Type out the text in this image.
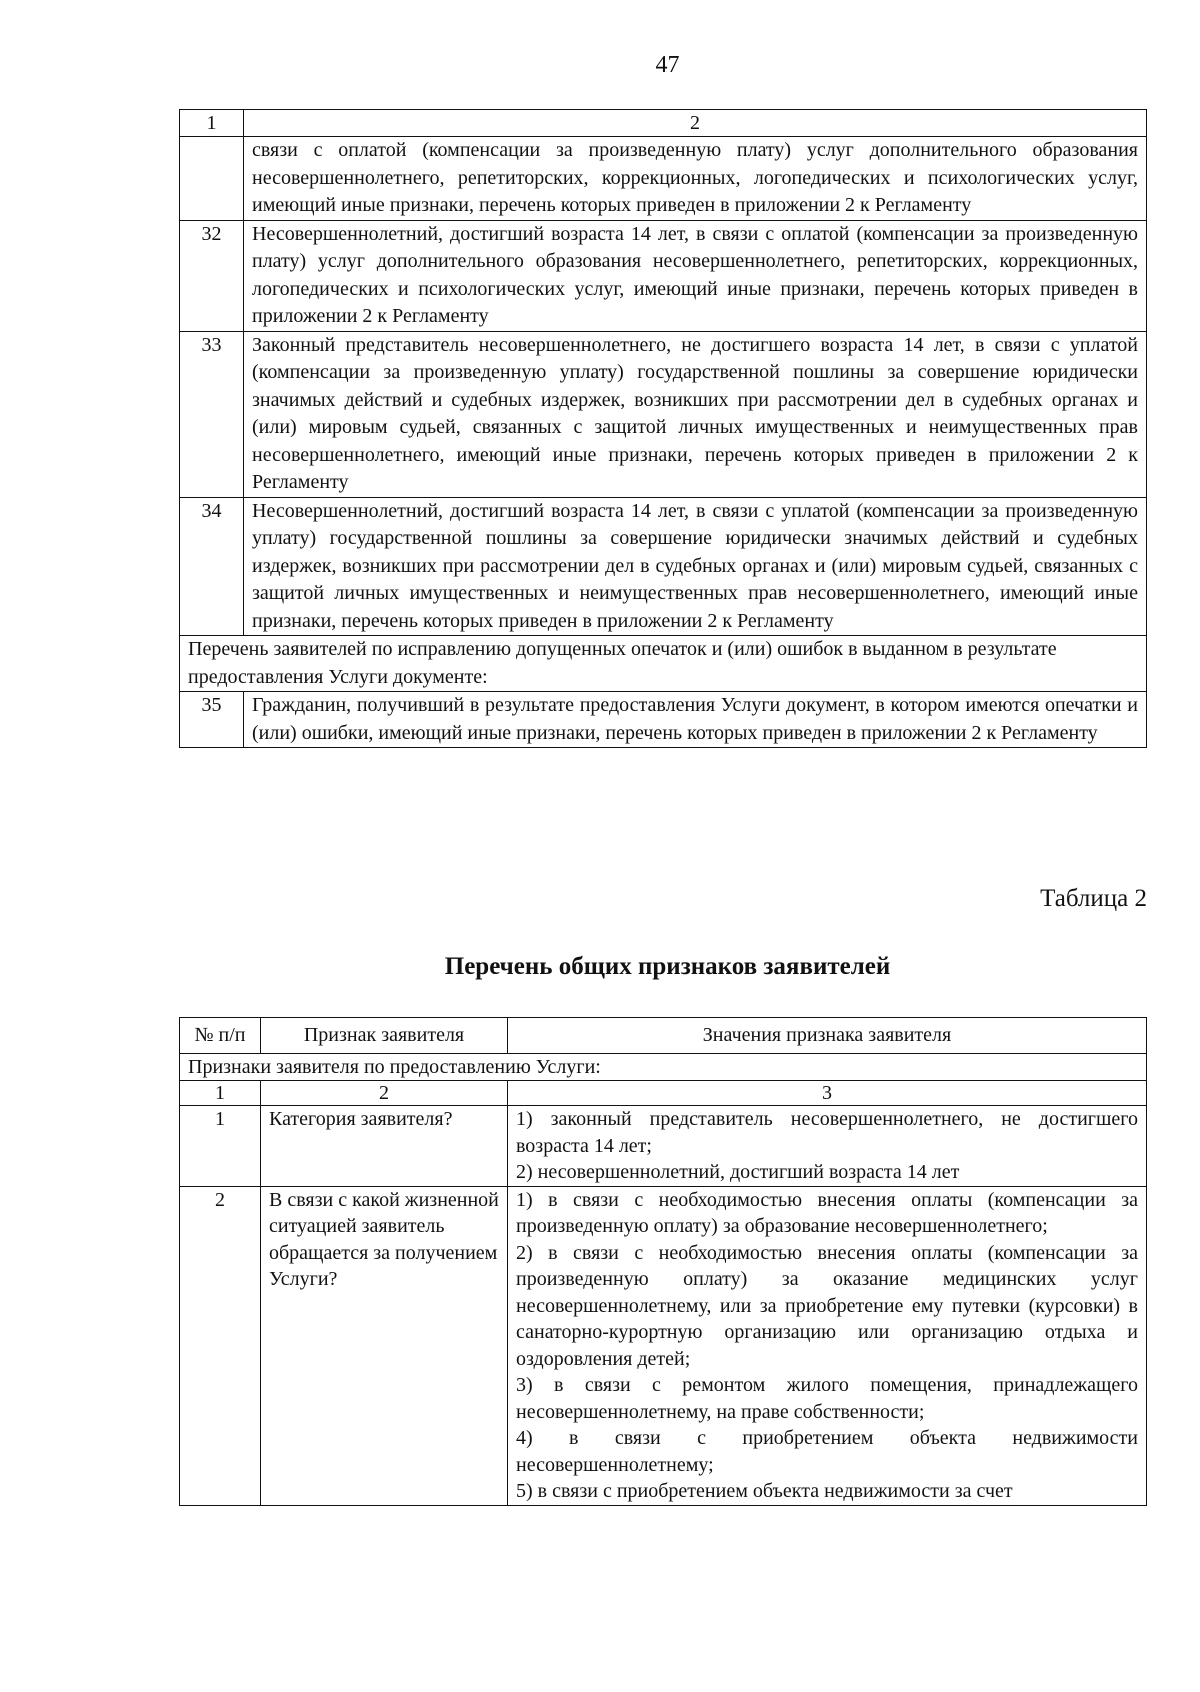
47
1	2
	связи с оплатой (компенсации за произведенную плату) услуг дополнительного образования несовершеннолетнего, репетиторских, коррекционных, логопедических и психологических услуг, имеющий иные признаки, перечень которых приведен в приложении 2 к Регламенту
32	Несовершеннолетний, достигший возраста 14 лет, в связи с оплатой (компенсации за произведенную плату) услуг дополнительного образования несовершеннолетнего, репетиторских, коррекционных, логопедических и психологических услуг, имеющий иные признаки, перечень которых приведен в приложении 2 к Регламенту
33	Законный представитель несовершеннолетнего, не достигшего возраста 14 лет, в связи с уплатой (компенсации за произведенную уплату) государственной пошлины за совершение юридически значимых действий и судебных издержек, возникших при рассмотрении дел в судебных органах и (или) мировым судьей, связанных с защитой личных имущественных и неимущественных прав несовершеннолетнего, имеющий иные признаки, перечень которых приведен в приложении 2 к Регламенту
34	Несовершеннолетний, достигший возраста 14 лет, в связи с уплатой (компенсации за произведенную уплату) государственной пошлины за совершение юридически значимых действий и судебных издержек, возникших при рассмотрении дел в судебных органах и (или) мировым судьей, связанных с защитой личных имущественных и неимущественных прав несовершеннолетнего, имеющий иные признаки, перечень которых приведен в приложении 2 к Регламенту
Перечень заявителей по исправлению допущенных опечаток и (или) ошибок в выданном в результате предоставления Услуги документе:	
35	Гражданин, получивший в результате предоставления Услуги документ, в котором имеются опечатки и (или) ошибки, имеющий иные признаки, перечень которых приведен в приложении 2 к Регламенту
Таблица 2
Перечень общих признаков заявителей
№ п/п	Признак заявителя	Значения признака заявителя
Признаки заявителя по предоставлению Услуги:		
1	2	3
1	Категория заявителя?	1) законный представитель несовершеннолетнего, не достигшего возраста 14 лет;
2) несовершеннолетний, достигший возраста 14 лет

2	В связи с какой жизненной ситуацией заявитель обращается за получением Услуги?	1) в связи с необходимостью внесения оплаты (компенсации за произведенную оплату) за образование несовершеннолетнего;
2) в связи с необходимостью внесения оплаты (компенсации за произведенную оплату) за оказание медицинских услуг несовершеннолетнему, или за приобретение ему путевки (курсовки) в санаторно-курортную организацию или организацию отдыха и оздоровления детей;
3) в связи с ремонтом жилого помещения, принадлежащего несовершеннолетнему, на праве собственности;
4) в связи с приобретением объекта недвижимости несовершеннолетнему;
5) в связи с приобретением объекта недвижимости за счет
